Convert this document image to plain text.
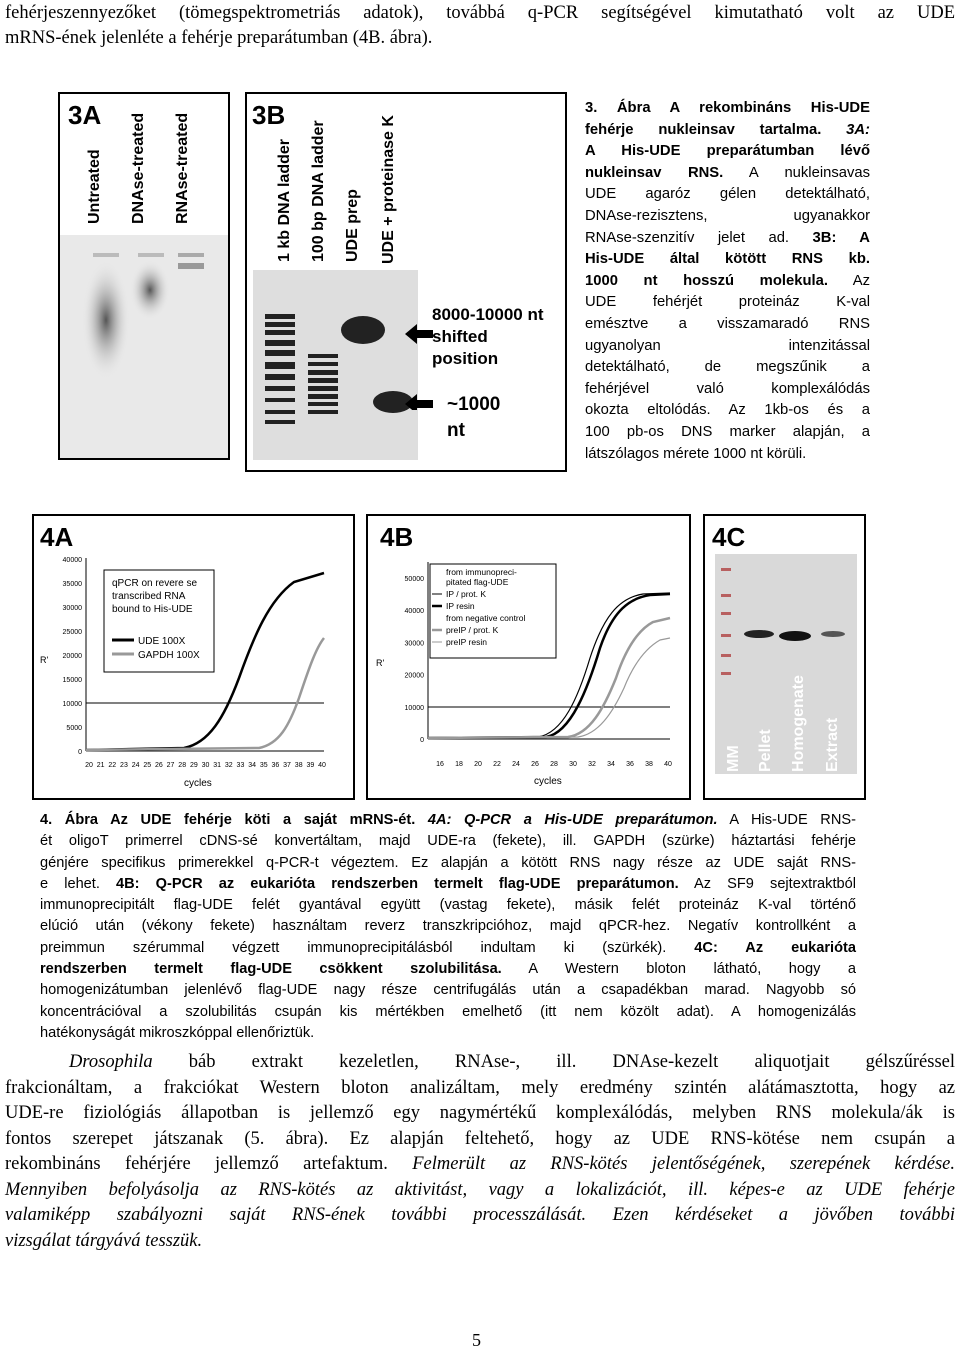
fehérjeszennyezőket (tömegspektrometriás adatok), továbbá q-PCR segítségével kimutatható volt az UDE
mRNS-ének jelenléte a fehérje preparátumban (4B. ábra).
3A
Untreated DNAse-treated RNAse-treated 3B
1 kb DNA ladder 100 bp DNA ladder UDE prep UDE + proteinase K
8000-10000 nt
shifted
position
~1000
nt
3. Ábra A rekombináns His-UDE
fehérje nukleinsav tartalma. 3A:
A His-UDE preparátumban lévő
nukleinsav RNS. A nukleinsavas
UDE agaróz gélen detektálható,
DNAse-rezisztens, ugyanakkor
RNAse-szenzitív jelet ad. 3B: A
His-UDE által kötött RNS kb.
1000 nt hosszú molekula. Az
UDE fehérjét proteináz K-val
emésztve a visszamaradó RNS
ugyanolyan intenzitással
detektálható, de megszűnik a
fehérjével való komplexálódás
okozta eltolódás. Az 1kb-os és a
100 pb-os DNS marker alapján, a
látszólagos mérete 1000 nt körüli.
4A
40000
35000
30000
25000
20000
15000
10000
5000
0
20 21 22 23 24 25 26 27 28 29 30 31 32 33 34 35 36 37 38 39 40
R'
cycles
qPCR on revere se
transcribed RNA
bound to His-UDE
UDE 100X
GAPDH 100X
4B
50000
40000
30000
20000
10000
0
16 18 20 22 24 26 28 30 32 34 36 38 40
R'
cycles
from immunopreci-
pitated flag-UDE
IP / prot. K
IP resin
from negative control
preIP / prot. K
preIP resin
4C
MM Pellet Homogenate Extract
4. Ábra Az UDE fehérje köti a saját mRNS-ét. 4A: Q-PCR a His-UDE preparátumon. A His-UDE RNS-
ét oligoT primerrel cDNS-sé konvertáltam, majd UDE-ra (fekete), ill. GAPDH (szürke) háztartási fehérje
génjére specifikus primerekkel q-PCR-t végeztem. Ez alapján a kötött RNS nagy része az UDE saját RNS-
e lehet. 4B: Q-PCR az eukarióta rendszerben termelt flag-UDE preparátumon. Az SF9 sejtextraktból
immunoprecipitált flag-UDE felét gyantával együtt (vastag fekete), másik felét proteináz K-val történő
elúció után (vékony fekete) használtam reverz transzkripcióhoz, majd qPCR-hez. Negatív kontrollként a
preimmun szérummal végzett immunoprecipitálásból indultam ki (szürkék). 4C: Az eukarióta
rendszerben termelt flag-UDE csökkent szolubilitása. A Western bloton látható, hogy a
homogenizátumban jelenlévő flag-UDE nagy része centrifugálás után a csapadékban marad. Nagyobb só
koncentrációval a szolubilitás csupán kis mértékben emelhető (itt nem közölt adat). A homogenizálás
hatékonyságát mikroszkóppal ellenőriztük.
Drosophila báb extrakt kezeletlen, RNAse-, ill. DNAse-kezelt aliquotjait gélszűréssel
frakcionáltam, a frakciókat Western bloton analizáltam, mely eredmény szintén alátámasztotta, hogy az
UDE-re fiziológiás állapotban is jellemző egy nagymértékű komplexálódás, melyben RNS molekula/ák is
fontos szerepet játszanak (5. ábra). Ez alapján feltehető, hogy az UDE RNS-kötése nem csupán a
rekombináns fehérjére jellemző artefaktum. Felmerült az RNS-kötés jelentőségének, szerepének kérdése.
Mennyiben befolyásolja az RNS-kötés az aktivitást, vagy a lokalizációt, ill. képes-e az UDE fehérje
valamiképp szabályozni saját RNS-ének további processzálását. Ezen kérdéseket a jövőben további
vizsgálat tárgyává tesszük.
5
